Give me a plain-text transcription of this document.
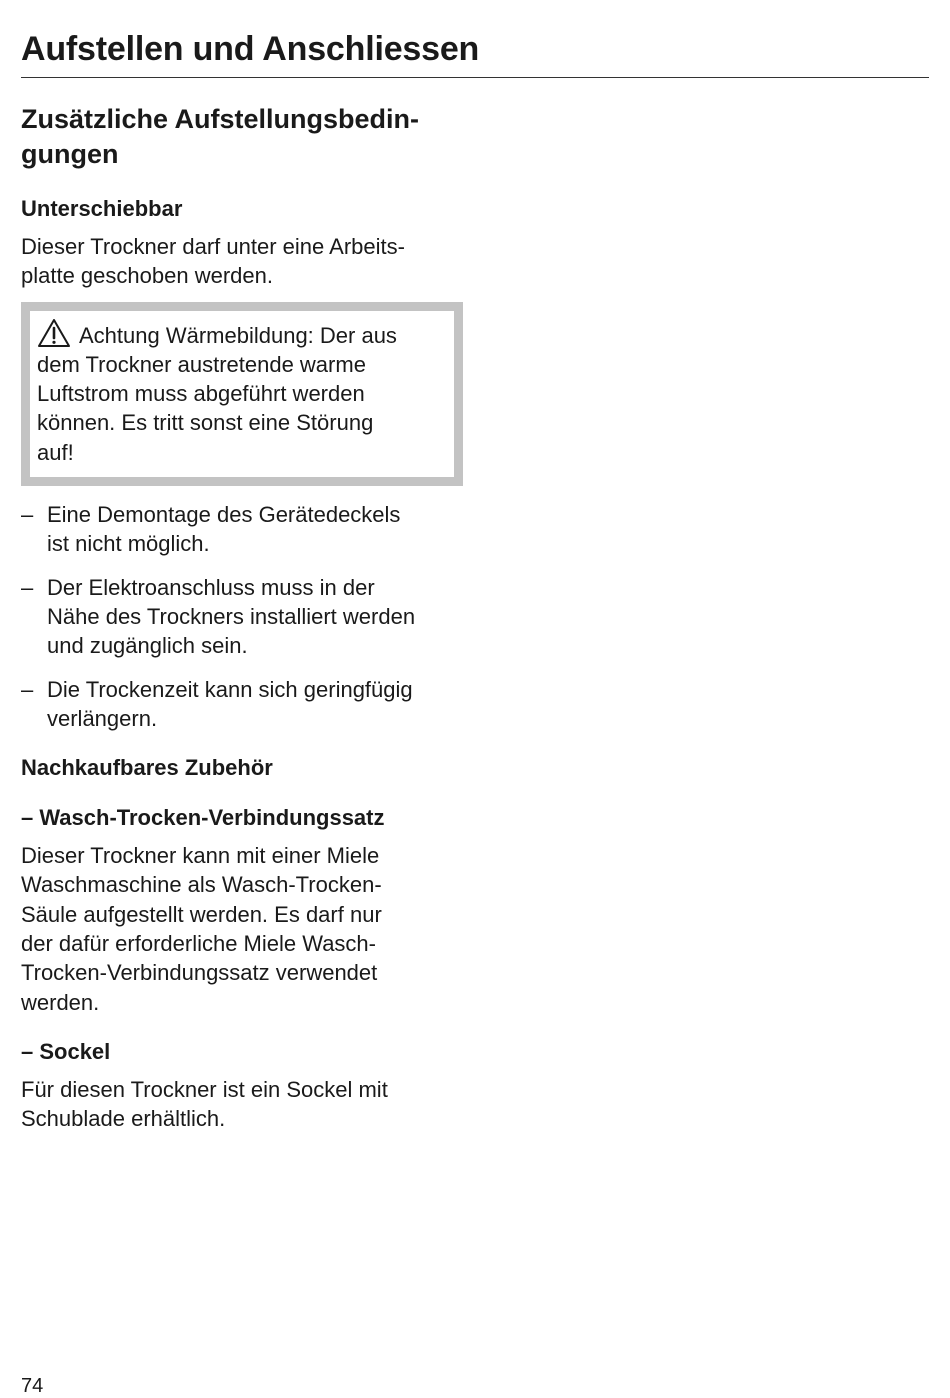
Aufstellen und Anschliessen
Zusätzliche Aufstellungsbedin-
gungen
Unterschiebbar

Dieser Trockner darf unter eine Arbeits-
platte geschoben werden.

Achtung Wärmebildung: Der aus
dem Trockner austretende warme
Luftstrom muss abgeführt werden
können. Es tritt sonst eine Störung
auf!
– Eine Demontage des Gerätedeckels
ist nicht möglich.
– Der Elektroanschluss muss in der
Nähe des Trockners installiert werden
und zugänglich sein.
– Die Trockenzeit kann sich geringfügig
verlängern.
Nachkaufbares Zubehör
– Wasch-Trocken-Verbindungssatz

Dieser Trockner kann mit einer Miele
Waschmaschine als Wasch-Trocken-
Säule aufgestellt werden. Es darf nur
der dafür erforderliche Miele Wasch-
Trocken-Verbindungssatz verwendet
werden.

– Sockel

Für diesen Trockner ist ein Sockel mit
Schublade erhältlich.

74
